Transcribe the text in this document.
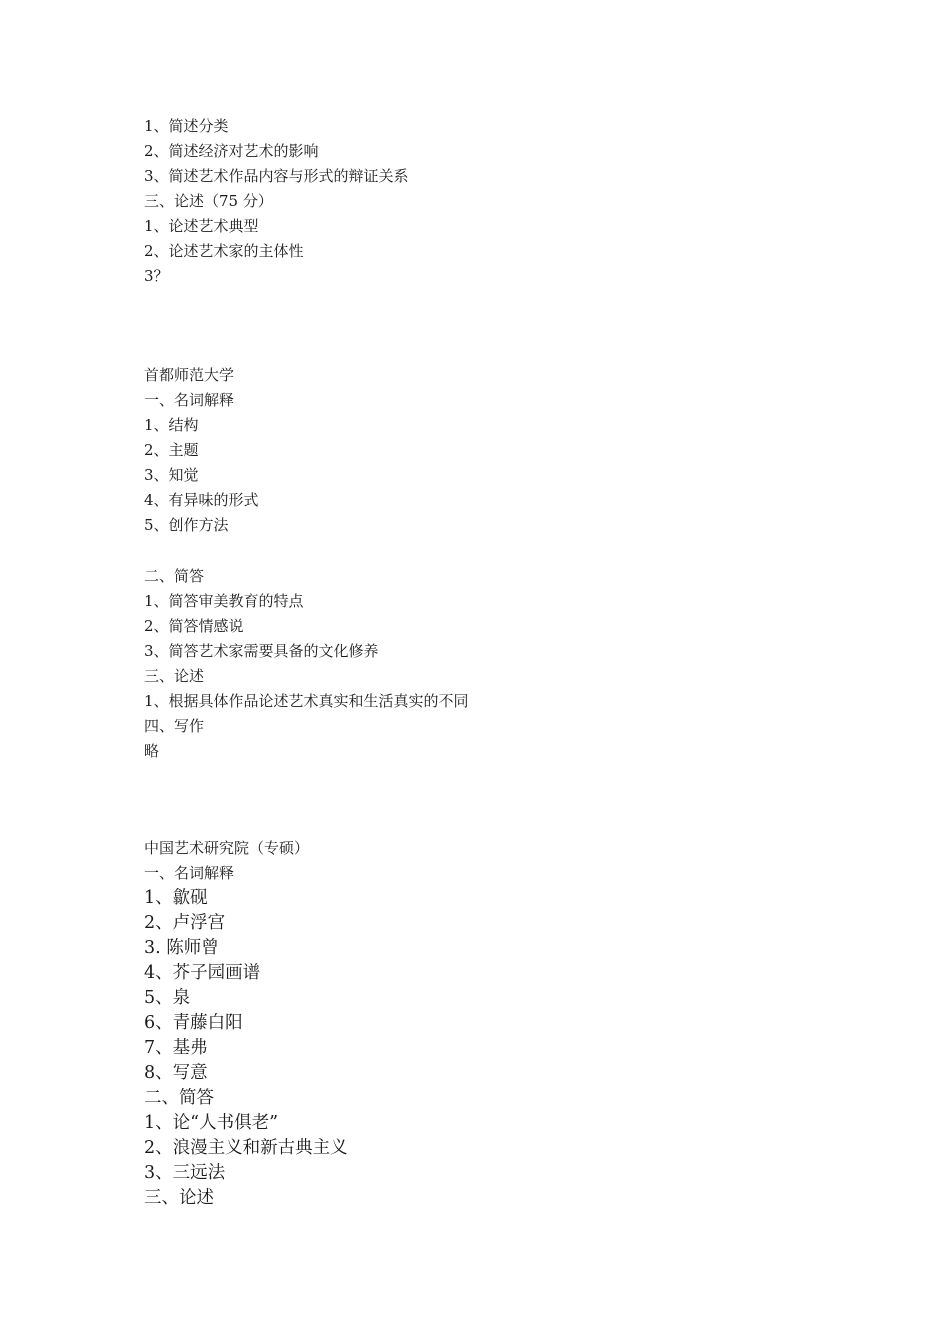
1、简述分类
2、简述经济对艺术的影响
3、简述艺术作品内容与形式的辩证关系
三、论述（75 分）
1、论述艺术典型
2、论述艺术家的主体性
3？
首都师范大学
一、名词解释
1、结构
2、主题
3、知觉
4、有异味的形式
5、创作方法
二、简答
1、简答审美教育的特点
2、简答情感说
3、简答艺术家需要具备的文化修养
三、论述
1、根据具体作品论述艺术真实和生活真实的不同
四、写作
略
中国艺术研究院（专硕）
一、名词解释
1、歙砚
2、卢浮宫
3. 陈师曾
4、芥子园画谱
5、泉
6、青藤白阳
7、基弗
8、写意
二、简答
1、论“人书俱老”
2、浪漫主义和新古典主义
3、三远法
三、论述
